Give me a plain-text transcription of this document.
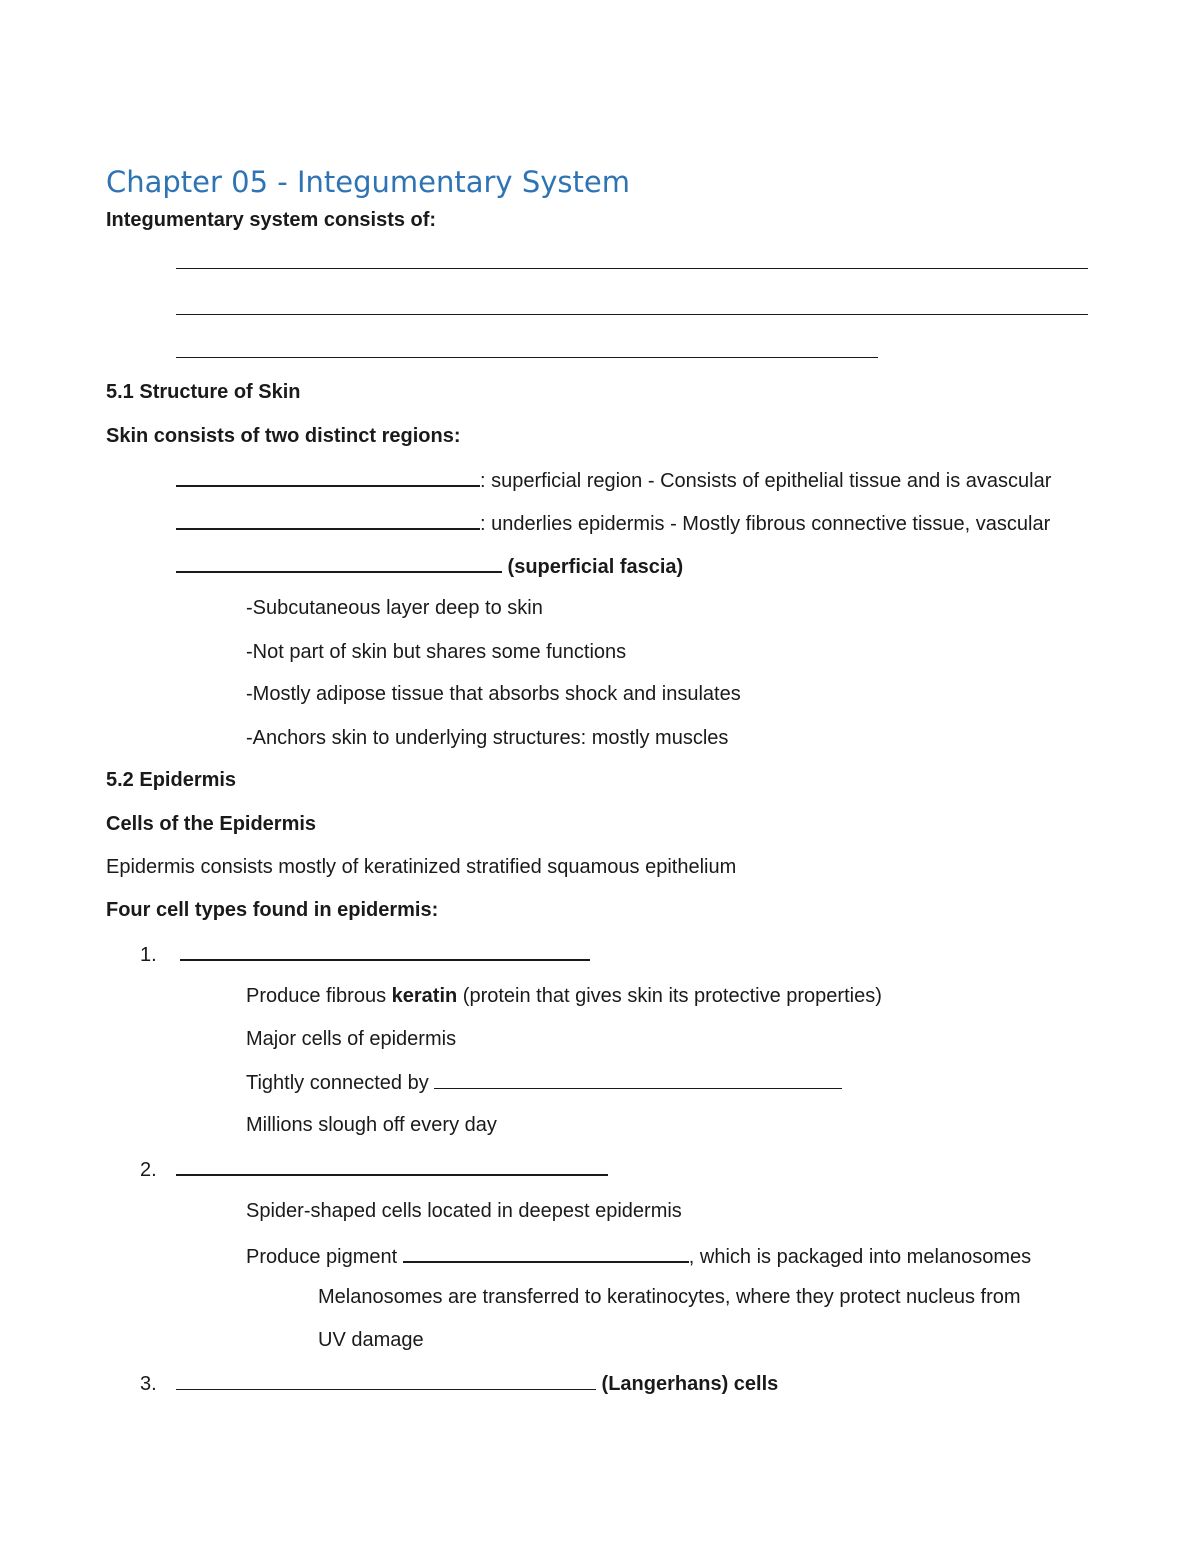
Chapter 05 - Integumentary System
Integumentary system consists of:
5.1 Structure of Skin
Skin consists of two distinct regions:
: superficial region - Consists of epithelial tissue and is avascular
: underlies epidermis - Mostly fibrous connective tissue, vascular
(superficial fascia)
-Subcutaneous layer deep to skin
-Not part of skin but shares some functions
-Mostly adipose tissue that absorbs shock and insulates
-Anchors skin to underlying structures: mostly muscles
5.2 Epidermis
Cells of the Epidermis
Epidermis consists mostly of keratinized stratified squamous epithelium
Four cell types found in epidermis:
1.
Produce fibrous keratin (protein that gives skin its protective properties)
Major cells of epidermis
Tightly connected by
Millions slough off every day
2.
Spider-shaped cells located in deepest epidermis
Produce pigment	, which is packaged into melanosomes
Melanosomes are transferred to keratinocytes, where they protect nucleus from
UV damage
3.	(Langerhans) cells
